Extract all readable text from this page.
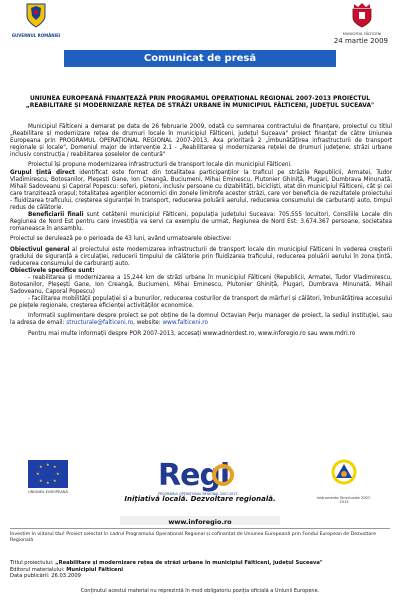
GUVERNUL ROMÂNIEI	MUNICIPIUL FĂLTICENI
24 martie 2009
Comunicat de presă
UNIUNEA EUROPEANĂ FINANȚEAZĂ PRIN PROGRAMUL OPERAȚIONAL REGIONAL 2007-2013 PROIECTUL
„REABILITARE ȘI MODERNIZARE REȚEA DE STRĂZI URBANE ÎN MUNICIPIUL FĂLTICENI, JUDEȚUL SUCEAVA"

Municipiul Fălticeni a demarat pe data de 26 februarie 2009, odată cu semnarea contractului de finanțare, proiectul cu titlul „Reabilitare și modernizare rețea de drumuri locale în municipiul Fălticeni, județul Suceava" proiect finanțat de către Uniunea Europeana prin PROGRAMUL OPERAȚIONAL REGIONAL 2007-2013, Axa prioritară 2 „Îmbunătățirea infrastructurii de transport regionale și locale", Domeniul major de intervenție 2.1 - „Reabilitarea și modernizarea rețelei de drumuri județene, străzi urbane inclusiv construcția / reabilitarea șoselelor de centură"

Proiectul își propune modernizarea infrastructurii de transport locale din municipiul Fălticeni.

Grupul țintă direct identificat este format din totalitatea participanților la traficul pe străzile Republicii, Armatei, Tudor Vladimirescu, Botosanilor, Pleșești Gane, Ion Creangă, Buciumeni, Mihai Eminescu, Plutonier Ghiniță, Plugari, Dumbrava Minunată, Mihail Sadoveanu și Caporal Popescu: soferi, pietoni, inclusiv persoane cu dizabilități, bicicliști, atat din municipiul Fălticeni, cât și cei care tranzitează orașul; totalitatea agenților economici din zonele limitrofe acestor străzi, care vor beneficia de rezultatele proiectului - fluidizarea traficului, creșterea siguranței în transport, reducerea poluării aerului, reducerea consumului de carburanți auto, timpul redus de călătorie.

Beneficiarii finali sunt cetățenii municipiul Fălticeni, populația județului Suceava: 705.555 locuitori, Consiliile Locale din Regiunea de Nord Est pentru care investiția va servi ca exemplu de urmat, Regiunea de Nord Est: 3.674.367 persoane, societatea romaneasca în ansamblu.

Proiectul se derulează pe o perioada de 43 luni, având urmatoarele obiective:

Obiectivul general al proiectului este modernizarea infrastructurii de transport locale din municipiul Fălticeni în vederea creșterii gradului de siguranță a circulației, reducerii timpului de călătorie prin fluidizarea traficului, reducerea poluării aerului în zona țintă, reducerea consumului de carburanți auto.

Obiectivele specifice sunt:

- reabilitarea și modernizarea a 15,244 km de străzi urbane în municipiul Fălticeni (Republicii, Armatei, Tudor Vladimirescu, Botosanilor, Pleșești Gane, Ion Creangă, Buciumeni, Mihai Eminescu, Plutonier Ghiniță, Plugari, Dumbrava Minunată, Mihail Sadoveanu, Caporal Popescu)

- facilitarea mobilității populației și a bunurilor, reducerea costurilor de transport de mărfuri și călători, îmbunătățirea accesului pe piețele regionale, creșterea eficienței activităților economice.

Informatii suplimentare despre proiect se pot obține de la domnul Octavian Perju manager de proiect, la sediul instituției, sau la adresa de email: structurale@falticeni.ro, website: www.falticeni.ro

Pentru mai multe informații despre POR 2007-2013, accesați www.adnordest.ro, www.inforegio.ro sau www.mdri.ro

★ ★
★
★
★
★
★
★
UNIUNEA EUROPEANĂ	Regi
PROGRAMUL OPERAȚIONAL REGIONAL 2007-2013
Instrumente Structurale 2007-2013
Inițiativă locală. Dezvoltare regională.
www.inforegio.ro
Investim în viitorul tău! Proiect selectat în cadrul Programului Operațional Regional și cofinanțat de Uniunea Europeană prin Fondul European de Dezvoltare Regională
Titlul proiectului: „Reabilitare și modernizare rețea de străzi urbane în municipiul Fălticeni, județul Suceava"
Editorul materialului: Municipiul Fălticeni
Data publicării: 26.03.2009
Conținutul acestui material nu reprezintă în mod obligatoriu poziția oficială a Uniunii Europene.
